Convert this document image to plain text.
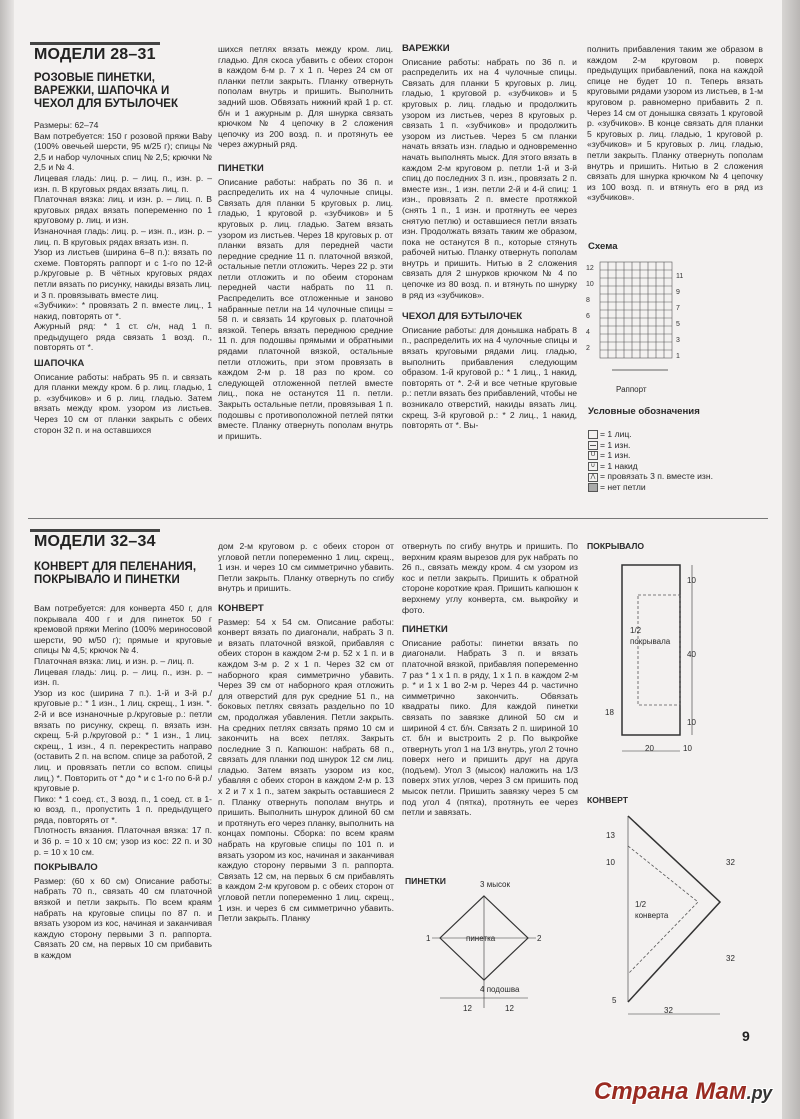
МОДЕЛИ 28–31
РОЗОВЫЕ ПИНЕТКИ, ВАРЕЖКИ, ШАПОЧКА И ЧЕХОЛ ДЛЯ БУТЫЛОЧЕК

Размеры: 62–74

Вам потребуется: 150 г розовой пряжи Baby (100% овечьей шерсти, 95 м/25 г); спицы № 2,5 и набор чулочных спиц № 2,5; крючки № 2,5 и № 4.

Лицевая гладь: лиц. р. – лиц. п., изн. р. – изн. п. В круговых рядах вязать лиц. п.

Платочная вязка: лиц. и изн. р. – лиц. п. В круговых рядах вязать попеременно по 1 круговому р. лиц. и изн.

Изнаночная гладь: лиц. р. – изн. п., изн. р. – лиц. п. В круговых рядах вязать изн. п.

Узор из листьев (ширина 6–8 п.): вязать по схеме. Повторять раппорт и с 1-го по 12-й р./круговые р. В чётных круговых рядах петли вязать по рисунку, накиды вязать лиц. и 3 п. провязывать вместе лиц.

«Зубчики»: * провязать 2 п. вместе лиц., 1 накид, повторять от *.

Ажурный ряд: * 1 ст. с/н, над 1 п. предыдущего ряда связать 1 возд. п., повторять от *.

ШАПОЧКА

Описание работы: набрать 95 п. и связать для планки между кром. 6 р. лиц. гладью, 1 р. «зубчиков» и 6 р. лиц. гладью. Затем вязать между кром. узором из листьев. Через 10 см от планки закрыть с обеих сторон 32 п. и на оставшихся

шихся петлях вязать между кром. лиц. гладью. Для скоса убавить с обеих сторон в каждом 6-м р. 7 x 1 п. Через 24 см от планки петли закрыть. Планку отвернуть пополам внутрь и пришить. Выполнить задний шов. Обвязать нижний край 1 р. ст. б/н и 1 ажурным р. Для шнурка связать крючком № 4 цепочку в 2 сложения цепочку из 200 возд. п. и протянуть ее через ажурный ряд.

ПИНЕТКИ

Описание работы: набрать по 36 п. и распределить их на 4 чулочные спицы. Связать для планки 5 круговых р. лиц. гладью, 1 круговой р. «зубчиков» и 5 круговых р. лиц. гладью. Затем вязать узором из листьев. Через 18 круговых р. от планки вязать для передней части передние средние 11 п. платочной вязкой, остальные петли отложить. Через 22 р. эти петли отложить и по обеим сторонам передней части набрать по 11 п. Распределить все отложенные и заново набранные петли на 14 чулочные спицы = 58 п. и связать 14 круговых р. платочной вязкой. Теперь вязать переднюю средние 11 п. для подошвы прямыми и обратными рядами платочной вязкой, остальные петли отложить, при этом провязать в каждом 2-м р. 18 раз по кром. со следующей отложенной петлей вместе лиц., пока не останутся 11 п. петли. Закрыть остальные петли, провязывая 1 п. подошвы с противоположной петлей пятки вместе. Планку отвернуть пополам внутрь и пришить.

ВАРЕЖКИ

Описание работы: набрать по 36 п. и распределить их на 4 чулочные спицы. Связать для планки 5 круговых р. лиц. гладью, 1 круговой р. «зубчиков» и 5 круговых р. лиц. гладью и продолжить узором из листьев, через 8 круговых р. связать 1 п. «зубчиков» и продолжить узором из листьев. Через 5 см планки начать вязать изн. гладью и одновременно начать выполнять мыск. Для этого вязать в каждом 2-м круговом р. петли 1-й и 3-й спиц до последних 3 п. изн., провязать 2 п. вместе изн., 1 изн. петли 2-й и 4-й спиц: 1 изн., провязать 2 п. вместе протяжкой (снять 1 п., 1 изн. и протянуть ее через снятую петлю) и оставшиеся петли вязать изн. Продолжать вязать таким же образом, пока не останутся 8 п., которые стянуть рабочей нитью. Планку отвернуть пополам внутрь и пришить. Нитью в 2 сложения связать для 2 шнурков крючком № 4 по цепочке из 80 возд. п. и втянуть по шнурку в ряд из «зубчиков».

ЧЕХОЛ ДЛЯ БУТЫЛОЧЕК

Описание работы: для донышка набрать 8 п., распределить их на 4 чулочные спицы и вязать круговыми рядами лиц. гладью, выполнить прибавления следующим образом. 1-й круговой р.: * 1 лиц., 1 накид, повторять от *. 2-й и все четные круговые р.: петли вязать без прибавлений, чтобы не возникало отверстий, накиды вязать лиц. скрещ. 3-й круговой р.: * 2 лиц., 1 накид, повторять от *. Вы-

полнить прибавления таким же образом в каждом 2-м круговом р. поверх предыдущих прибавлений, пока на каждой спице не будет 10 п. Теперь вязать круговыми рядами узором из листьев, в 1-м круговом р. равномерно прибавить 2 п. Через 14 см от донышка связать 1 круговой р. «зубчиков». В конце связать для планки 5 круговых р. лиц. гладью, 1 круговой р. «зубчиков» и 5 круговых р. лиц. гладью, петли закрыть. Планку отвернуть пополам внутрь и пришить. Нитью в 2 сложения связать для шнурка крючком № 4 цепочку из 100 возд. п. и втянуть его в ряд из «зубчиков».

Схема
12
10
8
6
4
2
11
9
7
5
3
1
Раппорт
Условные обозначения
= 1 лиц.
= 1 изн.
U = 1 изн.
∪ = 1 накид
⋀ = провязать 3 п. вместе изн.
= нет петли
МОДЕЛИ 32–34
КОНВЕРТ ДЛЯ ПЕЛЕНАНИЯ, ПОКРЫВАЛО И ПИНЕТКИ

Вам потребуется: для конверта 450 г, для покрывала 400 г и для пинеток 50 г кремовой пряжи Merino (100% мериносовой шерсти, 90 м/50 г); прямые и круговые спицы № 4,5; крючок № 4.

Платочная вязка: лиц. и изн. р. – лиц. п.

Лицевая гладь: лиц. р. – лиц. п., изн. р. – изн. п.

Узор из кос (ширина 7 п.). 1-й и 3-й р./круговые р.: * 1 изн., 1 лиц. скрещ., 1 изн. *. 2-й и все изнаночные р./круговые р.: петли вязать по рисунку, скрещ. п. вязать изн. скрещ. 5-й р./круговой р.: * 1 изн., 1 лиц. скрещ., 1 изн., 4 п. перекрестить направо (оставить 2 п. на вспом. спице за работой, 2 лиц. и провязать петли со вспом. спицы лиц.) *. Повторить от * до * и с 1-го по 6-й р./круговые р.

Пико: * 1 соед. ст., 3 возд. п., 1 соед. ст. в 1-ю возд. п., пропустить 1 п. предыдущего ряда, повторять от *.

Плотность вязания. Платочная вязка: 17 п. и 36 р. = 10 x 10 см; узор из кос: 22 п. и 30 р. = 10 x 10 см.

ПОКРЫВАЛО

Размер: (60 x 60 см) Описание работы: набрать 70 п., связать 40 см платочной вязкой и петли закрыть. По всем краям набрать на круговые спицы по 87 п. и вязать узором из кос, начиная и заканчивая каждую сторону первыми 3 п. раппорта. Связать 20 см, на первых 10 см прибавить в каждом

дом 2-м круговом р. с обеих сторон от угловой петли попеременно 1 лиц. скрещ., 1 изн. и через 10 см симметрично убавить. Петли закрыть. Планку отвернуть по сгибу внутрь и пришить.

КОНВЕРТ

Размер: 54 x 54 см. Описание работы: конверт вязать по диагонали, набрать 3 п. и вязать платочной вязкой, прибавляя с обеих сторон в каждом 2-м р. 52 x 1 п. и в каждом 3-м р. 2 x 1 п. Через 32 см от наборного края симметрично убавить. Через 39 см от наборного края отложить для отверстий для рук средние 51 п., на боковых петлях связать раздельно по 10 см, продолжая убавления. Петли закрыть. На средних петлях связать прямо 10 см и закончить на всех петлях. Закрыть последние 3 п. Капюшон: набрать 68 п., связать для планки под шнурок 12 см лиц. гладью. Затем вязать узором из кос, убавляя с обеих сторон в каждом 2-м р. 13 x 2 и 7 x 1 п., затем закрыть оставшиеся 2 п. Планку отвернуть пополам внутрь и пришить. Выполнить шнурок длиной 60 см и протянуть его через планку, выполнить на концах помпоны. Сборка: по всем краям набрать на круговые спицы по 101 п. и вязать узором из кос, начиная и заканчивая каждую сторону первыми 3 п. раппорта. Связать 12 см, на первых 6 см прибавлять в каждом 2-м круговом р. с обеих сторон от угловой петли попеременно 1 лиц. скрещ., 1 изн. и через 6 см симметрично убавить. Петли закрыть. Планку

отвернуть по сгибу внутрь и пришить. По верхним краям вырезов для рук набрать по 26 п., связать между кром. 4 см узором из кос и петли закрыть. Пришить к обратной стороне короткие края. Пришить капюшон к верхнему углу конверта, см. выкройку и фото.

ПИНЕТКИ

Описание работы: пинетки вязать по диагонали. Набрать 3 п. и вязать платочной вязкой, прибавляя попеременно 7 раз * 1 x 1 п. в ряду, 1 x 1 п. в каждом 2-м р. * и 1 x 1 во 2-м р. Через 44 р. частично симметрично закончить. Обвязать квадраты пико. Для каждой пинетки связать по завязке длиной 50 см и шириной 4 ст. б/н. Связать 2 п. шириной 10 ст. б/н и выстроить 2 р. По выкройке отвернуть угол 1 на 1/3 внутрь, угол 2 точно поверх него и пришить друг на друга (подъем). Угол 3 (мысок) наложить на 1/3 поверх этих углов, через 3 см пришить под мысок петли. Пришить завязку через 5 см под угол 4 (пятка), протянуть ее через петли и завязать.

ПИНЕТКИ	3 мысок
1	2
пинетка
4 подошва
12	12
ПОКРЫВАЛО
1/2
покрывала
10
40
10
18
20	10
КОНВЕРТ
1/2
конверта
13
10	32
32
32
5
9
Страна Мам.ру
